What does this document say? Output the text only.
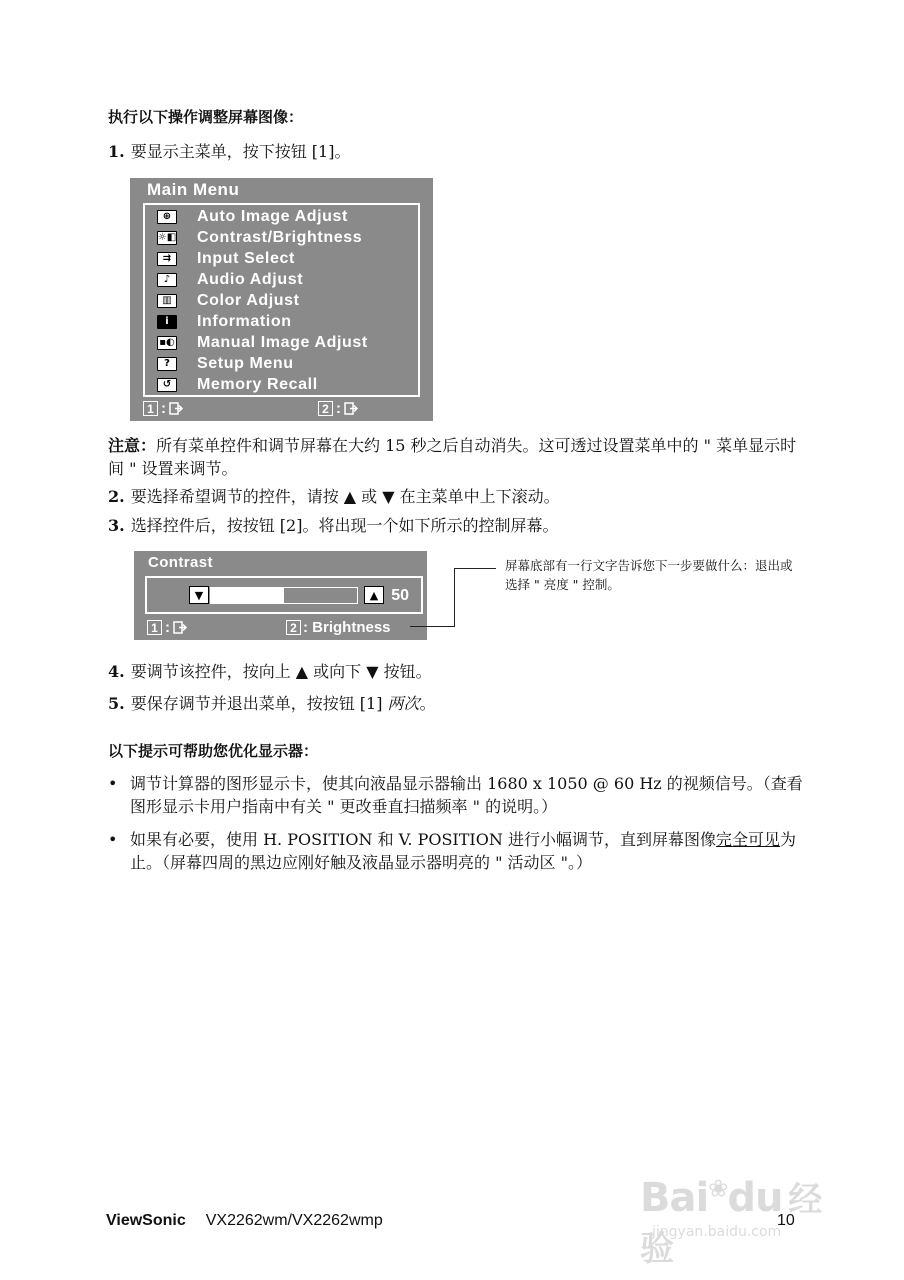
执行以下操作调整屏幕图像：
1. 要显示主菜单，按下按钮 [1]。
Main Menu
⊕	Auto Image Adjust
☼◧ Contrast/Brightness
⇉	Input Select
♪	Audio Adjust
▥	Color Adjust
i	Information
▪◐ Manual Image Adjust
?	Setup Menu
↺	Memory Recall
1 :	2 :
注意：所有菜单控件和调节屏幕在大约 15 秒之后自动消失。这可透过设置菜单中的 " 菜单显示时间 " 设置来调节。
2. 要选择希望调节的控件，请按 ▲ 或 ▼ 在主菜单中上下滚动。
3. 选择控件后，按按钮 [2]。将出现一个如下所示的控制屏幕。
Contrast
▼	▲ 50
1 :	2 : Brightness
屏幕底部有一行文字告诉您下一步要做什么：退出或选择 " 亮度 " 控制。
4. 要调节该控件，按向上 ▲ 或向下 ▼ 按钮。
5. 要保存调节并退出菜单，按按钮 [1] 两次。
以下提示可帮助您优化显示器：
• 调节计算器的图形显示卡，使其向液晶显示器输出 1680 x 1050 @ 60 Hz 的视频信号。（查看图形显示卡用户指南中有关 " 更改垂直扫描频率 " 的说明。）
• 如果有必要，使用 H. POSITION 和 V. POSITION 进行小幅调节，直到屏幕图像完全可见为止。（屏幕四周的黑边应刚好触及液晶显示器明亮的 " 活动区 "。）
Bai❀du 经验
jingyan.baidu.com
ViewSonic VX2262wm/VX2262wmp	10
